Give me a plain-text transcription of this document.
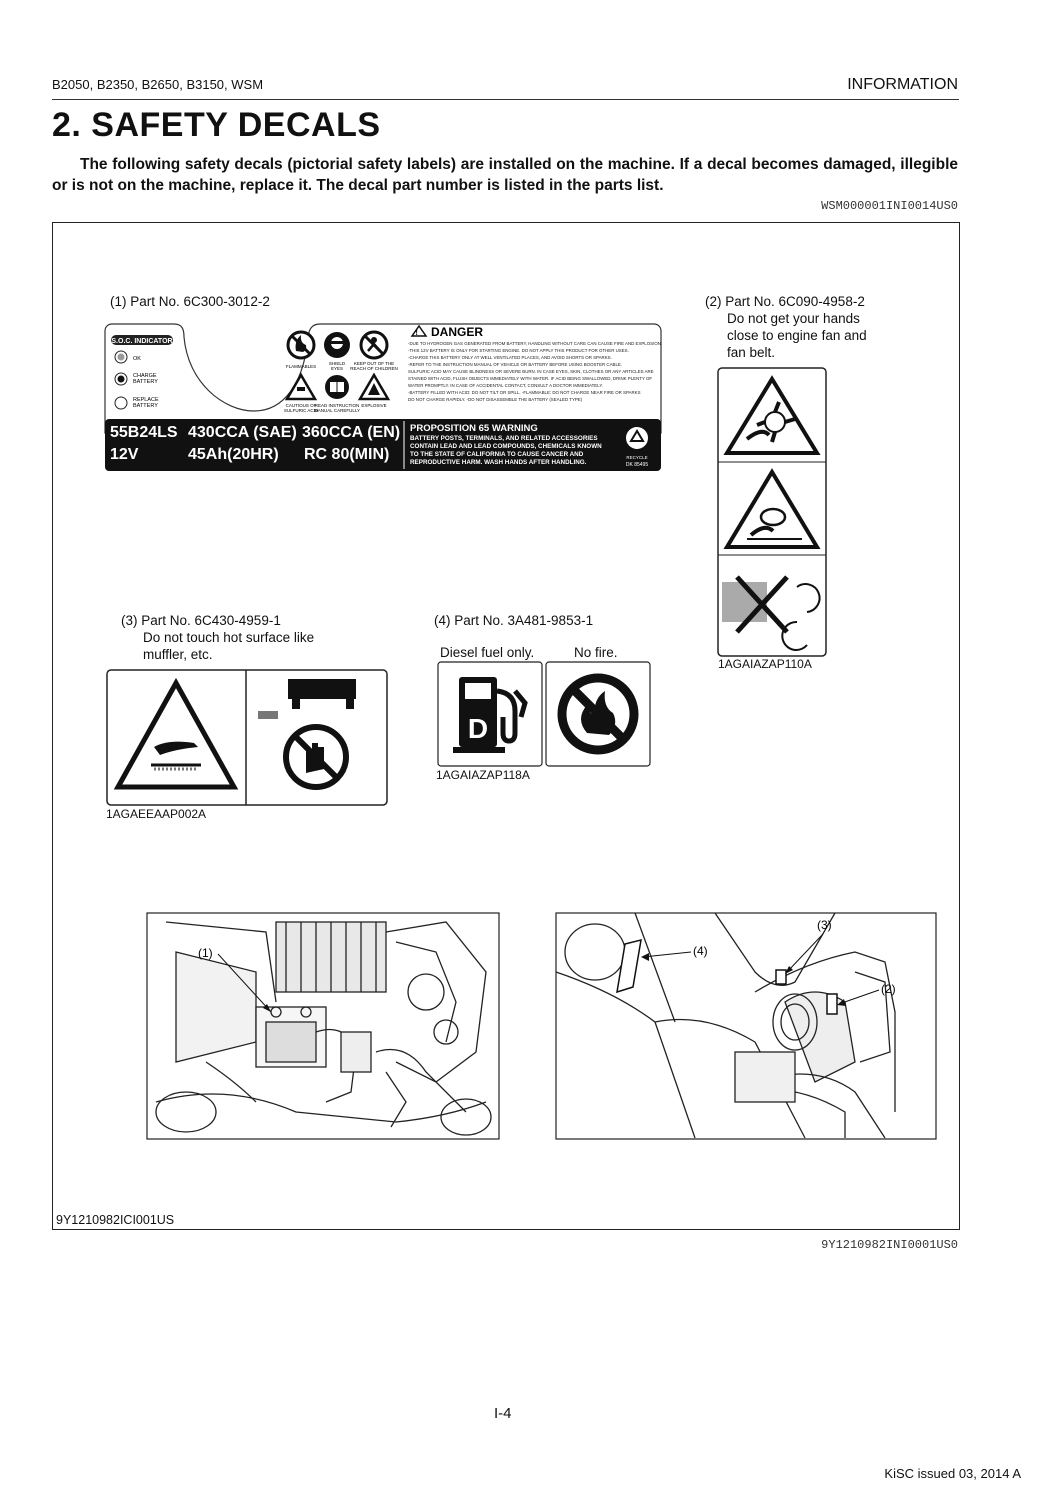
B2050, B2350, B2650, B3150, WSM	INFORMATION
2. SAFETY DECALS
The following safety decals (pictorial safety labels) are installed on the machine. If a decal becomes damaged, illegible or is not on the machine, replace it. The decal part number is listed in the parts list.
WSM000001INI0014US0
(1) Part No. 6C300-3012-2
S.O.C. INDICATOR
OK
CHARGE
BATTERY
REPLACE
BATTERY
FLAMMABLES
SHIELD
EYES
KEEP OUT OF THE
REACH OF CHILDREN
CAUTIOUS OF
SULFURIC ACID
READ INSTRUCTION
MANUAL CAREFULLY
EXPLOSIVE
! DANGER
-DUE TO HYDROGEN GAS GENERATED FROM BATTERY, HANDLING WITHOUT CARE CAN CAUSE FIRE AND EXPLOSION.
-THIS 12V BATTERY IS ONLY FOR STARTING ENGINE. DO NOT APPLY THIS PRODUCT FOR OTHER USES.
-CHARGE THIS BATTERY ONLY AT WELL VENTILATED PLACES, AND AVOID SHORTS OR SPARKS.
-REFER TO THE INSTRUCTION MANUAL OF VEHICLE OR BATTERY BEFORE USING BOOSTER CABLE.
SULFURIC ACID MAY CAUSE BLINDNESS OR SEVERE BURN. IN CASE EYES, SKIN, CLOTHES OR ANY ARTICLES ARE
STAINED WITH ACID, FLUSH OBJECTS IMMEDIATELY WITH WATER. IF ACID BEING SWALLOWED, DRINK PLENTY OF
WATER PROMPTLY. IN CASE OF ACCIDENTAL CONTACT, CONSULT A DOCTOR IMMEDIATELY.
-BATTERY FILLED WITH ACID: DO NOT TILT OR SPILL. -FLAMMABLE: DO NOT CHARGE NEAR FIRE OR SPARKS
DO NOT CHARGE RAPIDLY. -DO NOT DISASSEMBLE THE BATTERY (SEALED TYPE)
55B24LS 430CCA (SAE) 360CCA (EN)
12V	45Ah(20HR) RC 80(MIN)
PROPOSITION 65 WARNING
BATTERY POSTS, TERMINALS, AND RELATED ACCESSORIES
CONTAIN LEAD AND LEAD COMPOUNDS, CHEMICALS KNOWN
TO THE STATE OF CALIFORNIA TO CAUSE CANCER AND
REPRODUCTIVE HARM. WASH HANDS AFTER HANDLING.
RECYCLE
DK 85495
(2) Part No. 6C090-4958-2
Do not get your hands
close to engine fan and
fan belt.
1AGAIAZAP110A
(3) Part No. 6C430-4959-1
Do not touch hot surface like
muffler, etc.
1AGAEEAAP002A
(4) Part No. 3A481-9853-1
Diesel fuel only.	No fire.
D
1AGAIAZAP118A
(1)	(4)
(3)
(2)
9Y1210982ICI001US
9Y1210982INI0001US0
I-4
KiSC issued 03, 2014 A
